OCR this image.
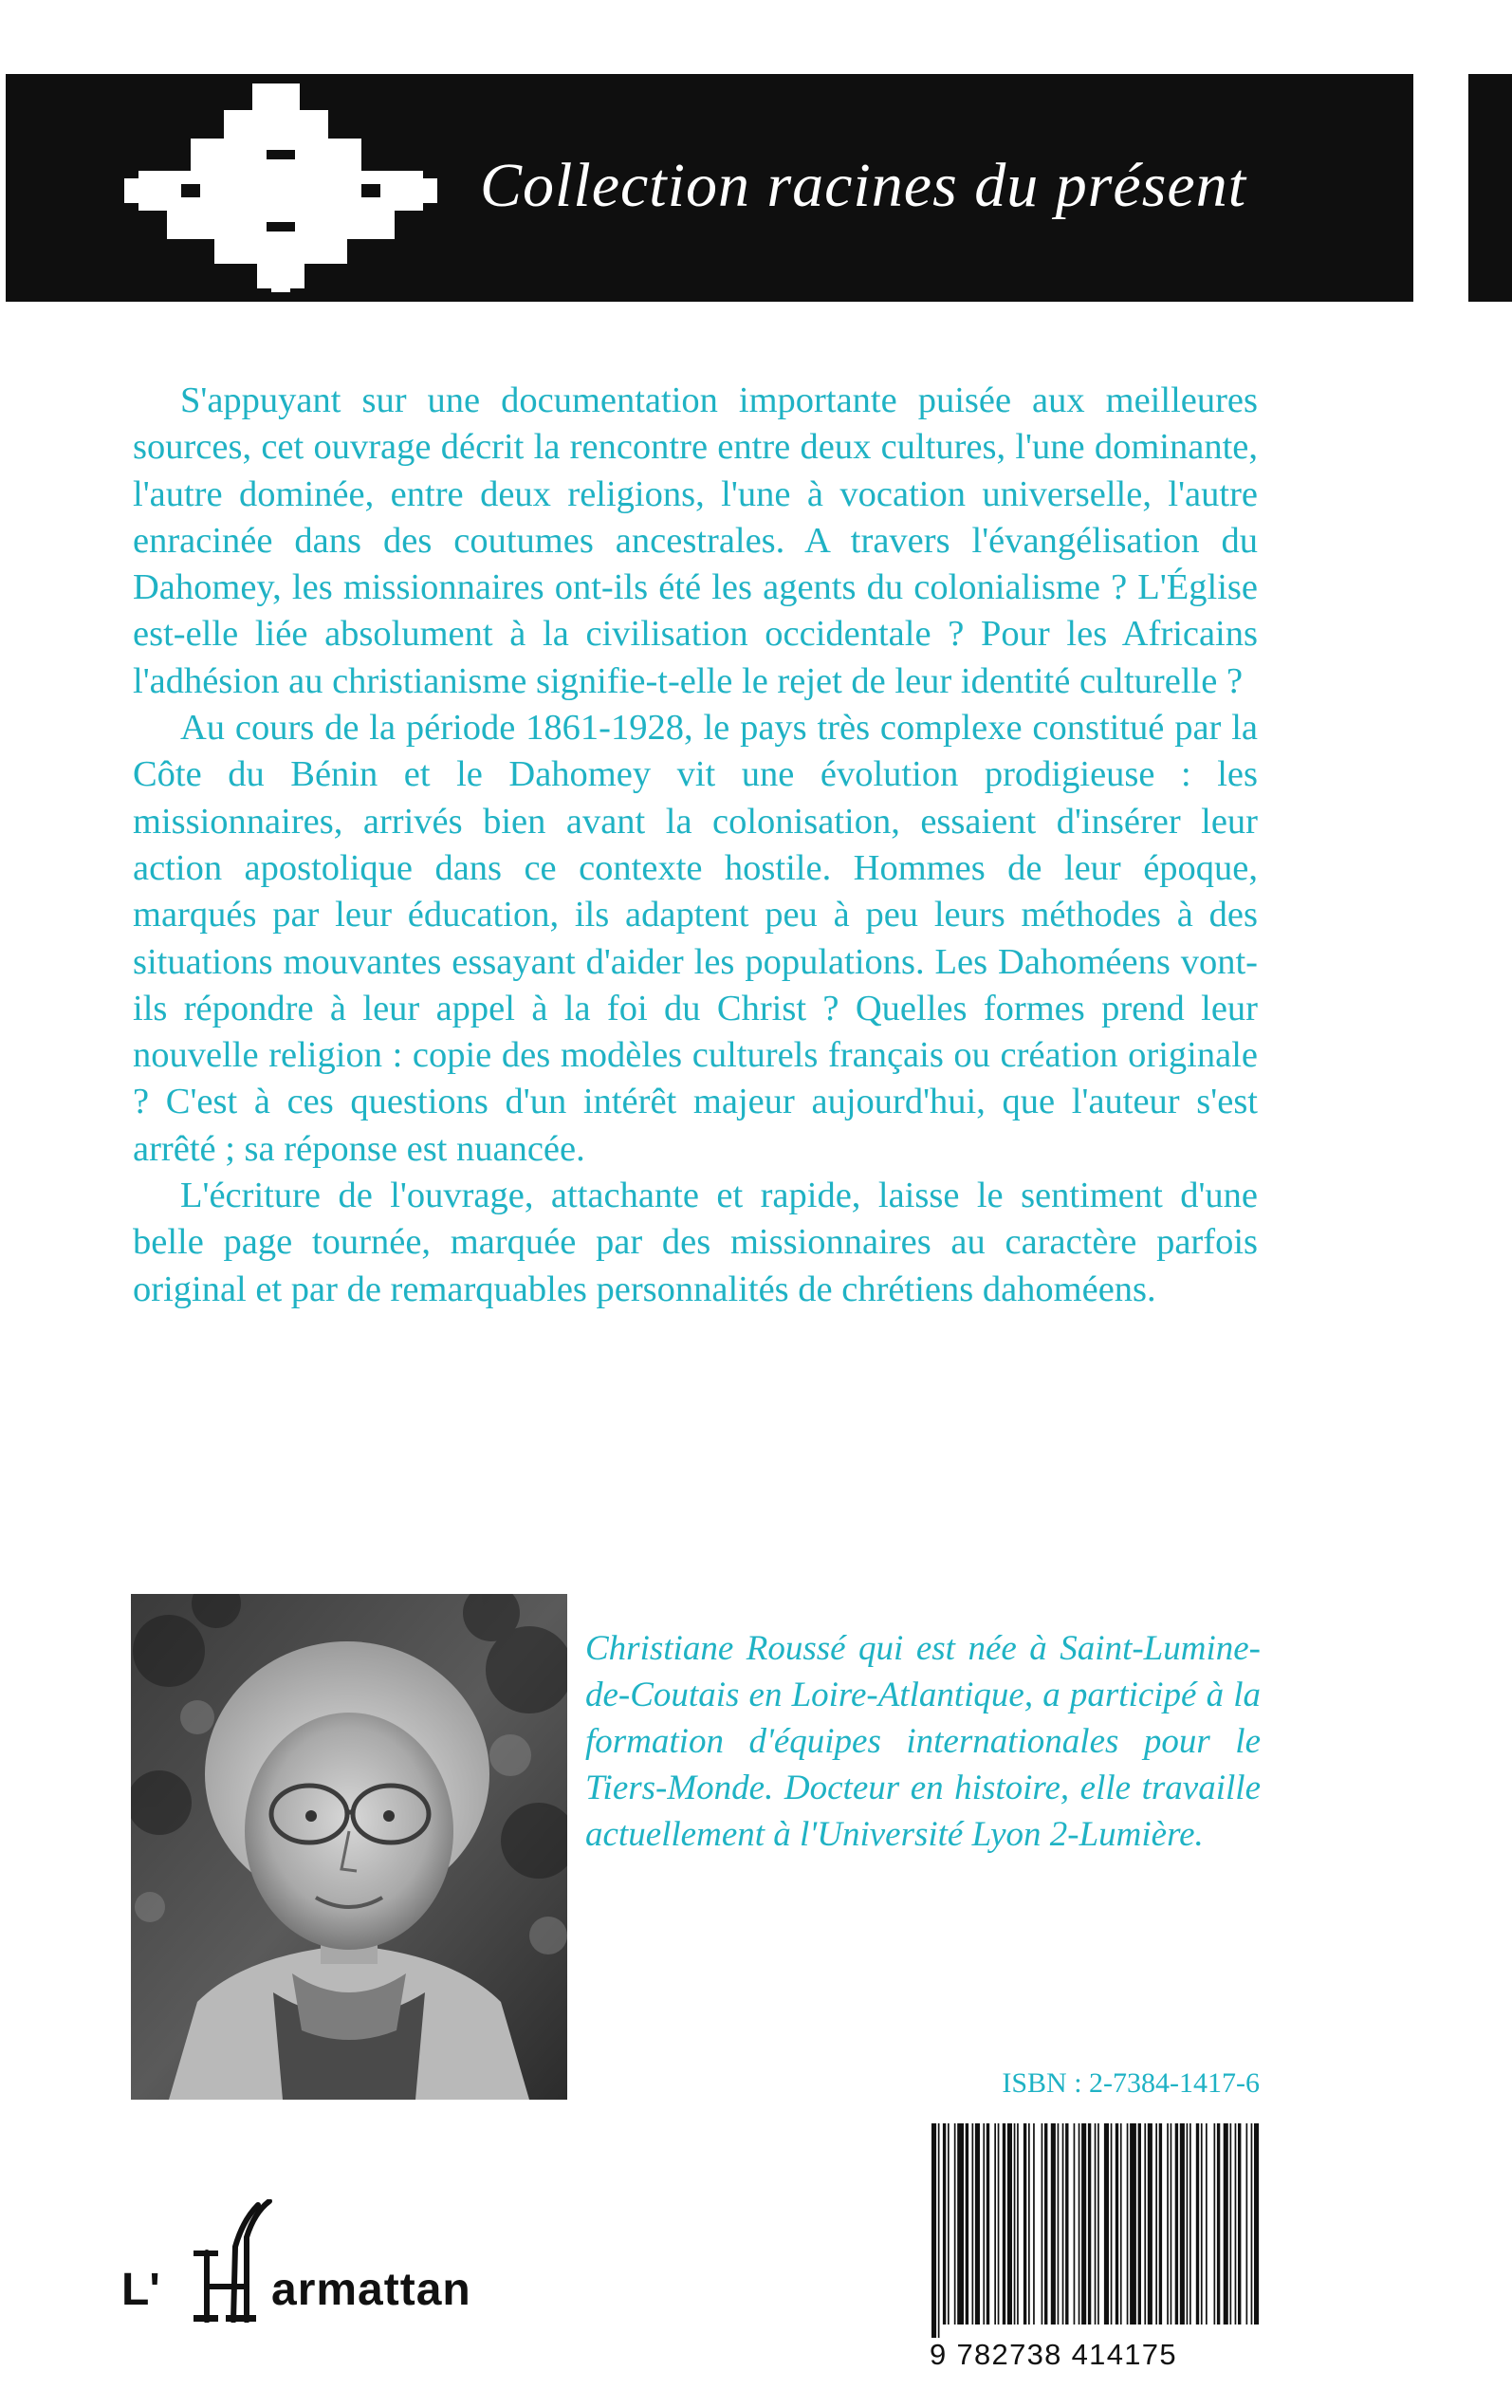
Collection racines du présent

S'appuyant sur une documentation importante puisée aux meilleures sources, cet ouvrage décrit la rencontre entre deux cultures, l'une dominante, l'autre dominée, entre deux religions, l'une à vocation universelle, l'autre enracinée dans des coutumes ancestrales. A travers l'évangélisation du Dahomey, les missionnaires ont-ils été les agents du colonialisme ? L'Église est-elle liée absolument à la civilisation occidentale ? Pour les Africains l'adhésion au christianisme signifie-t-elle le rejet de leur identité culturelle ?

Au cours de la période 1861-1928, le pays très complexe constitué par la Côte du Bénin et le Dahomey vit une évolution prodigieuse : les missionnaires, arrivés bien avant la colonisation, essaient d'insérer leur action apostolique dans ce contexte hostile. Hommes de leur époque, marqués par leur éducation, ils adaptent peu à peu leurs méthodes à des situations mouvantes essayant d'aider les populations. Les Dahoméens vont-ils répondre à leur appel à la foi du Christ ? Quelles formes prend leur nouvelle religion : copie des modèles culturels français ou création originale ? C'est à ces questions d'un intérêt majeur aujourd'hui, que l'auteur s'est arrêté ; sa réponse est nuancée.

L'écriture de l'ouvrage, attachante et rapide, laisse le sentiment d'une belle page tournée, marquée par des missionnaires au caractère parfois original et par de remarquables personnalités de chrétiens dahoméens.

Christiane Roussé qui est née à Saint-Lumine-de-Coutais en Loire-Atlantique, a participé à la formation d'équipes internationales pour le Tiers-Monde. Docteur en histoire, elle travaille actuellement à l'Université Lyon 2-Lumière.

ISBN : 2-7384-1417-6
9 782738 414175
L' armattan
